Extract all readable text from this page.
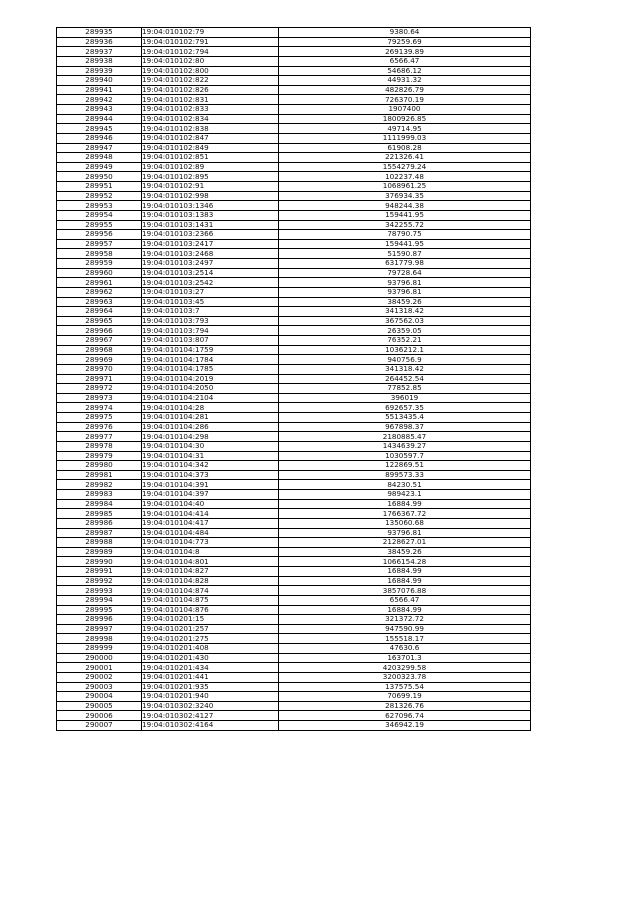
289935	19:04:010102:79	9380.64
289936	19:04:010102:791	79259.69
289937	19:04:010102:794	269139.89
289938	19:04:010102:80	6566.47
289939	19:04:010102:800	54686.12
289940	19:04:010102:822	44931.32
289941	19:04:010102:826	482826.79
289942	19:04:010102:831	726370.19
289943	19:04:010102:833	1907400
289944	19:04:010102:834	1800926.85
289945	19:04:010102:838	49714.95
289946	19:04:010102:847	1111999.03
289947	19:04:010102:849	61908.28
289948	19:04:010102:851	221326.41
289949	19:04:010102:89	1554279.24
289950	19:04:010102:895	102237.48
289951	19:04:010102:91	1068961.25
289952	19:04:010102:998	376934.35
289953	19:04:010103:1346	948244.38
289954	19:04:010103:1383	159441.95
289955	19:04:010103:1431	342255.72
289956	19:04:010103:2366	78790.75
289957	19:04:010103:2417	159441.95
289958	19:04:010103:2468	51590.87
289959	19:04:010103:2497	631779.98
289960	19:04:010103:2514	79728.64
289961	19:04:010103:2542	93796.81
289962	19:04:010103:27	93796.81
289963	19:04:010103:45	38459.26
289964	19:04:010103:7	341318.42
289965	19:04:010103:793	367562.03
289966	19:04:010103:794	26359.05
289967	19:04:010103:807	76352.21
289968	19:04:010104:1759	1036212.1
289969	19:04:010104:1784	940756.9
289970	19:04:010104:1785	341318.42
289971	19:04:010104:2019	264452.54
289972	19:04:010104:2050	77852.85
289973	19:04:010104:2104	396019
289974	19:04:010104:28	692657.35
289975	19:04:010104:281	5513435.4
289976	19:04:010104:286	967898.37
289977	19:04:010104:298	2180885.47
289978	19:04:010104:30	1434639.27
289979	19:04:010104:31	1030597.7
289980	19:04:010104:342	122869.51
289981	19:04:010104:373	899573.33
289982	19:04:010104:391	84230.51
289983	19:04:010104:397	989423.1
289984	19:04:010104:40	16884.99
289985	19:04:010104:414	1766367.72
289986	19:04:010104:417	135060.68
289987	19:04:010104:484	93796.81
289988	19:04:010104:773	2128627.01
289989	19:04:010104:8	38459.26
289990	19:04:010104:801	1066154.28
289991	19:04:010104:827	16884.99
289992	19:04:010104:828	16884.99
289993	19:04:010104:874	3857076.88
289994	19:04:010104:875	6566.47
289995	19:04:010104:876	16884.99
289996	19:04:010201:15	321372.72
289997	19:04:010201:257	947590.99
289998	19:04:010201:275	155518.17
289999	19:04:010201:408	47630.6
290000	19:04:010201:430	163701.3
290001	19:04:010201:434	4203299.58
290002	19:04:010201:441	3200323.78
290003	19:04:010201:935	137575.54
290004	19:04:010201:940	70699.19
290005	19:04:010302:3240	281326.76
290006	19:04:010302:4127	627096.74
290007	19:04:010302:4164	346942.19
